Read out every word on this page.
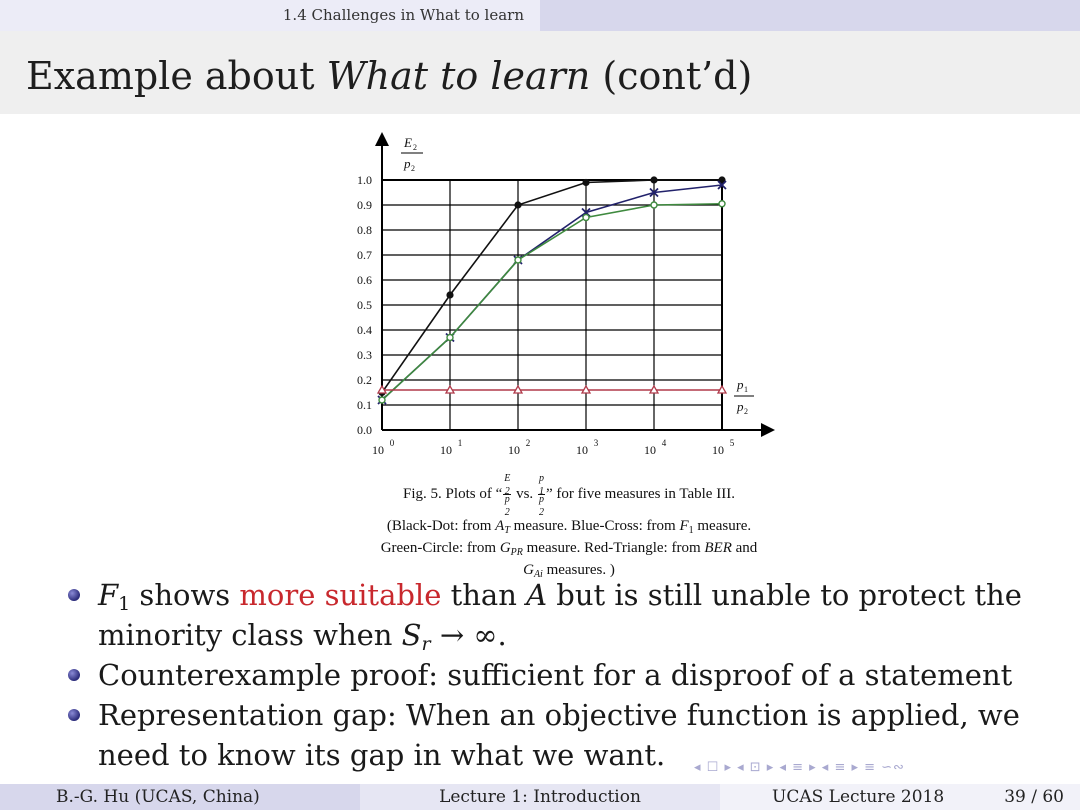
1.4 Challenges in What to learn
Example about What to learn (cont’d)
E 2
p 2
p 1
p 2
1.0
0.9
0.8
0.7
0.6
0.5
0.4
0.3
0.2
0.1
0.0
10 0	10 1	10 2	10 3	10 4	10 5
Fig. 5. Plots of “ E
$_2$
p
$_2$ vs. p
$_1$
p
$_2$ ” for five measures in Table III.
(Black-Dot: from $A_T$ measure. Blue-Cross: from $F_1$ measure.
Green-Circle: from $G_{PR}$ measure. Red-Triangle: from BER and
$G_{Ai}$ measures. )
$F_1$ shows more suitable than A but is still unable to protect the minority class when $S_r$ → ∞.
Counterexample proof: sufficient for a disproof of a statement
Representation gap: When an objective function is applied, we need to know its gap in what we want.	◂ ☐ ▸ ◂ ⊡ ▸ ◂ ≡ ▸ ◂ ≡ ▸ ≡ ∽∾
B.-G. Hu (UCAS, China)	Lecture 1: Introduction	UCAS Lecture 2018	39 / 60
